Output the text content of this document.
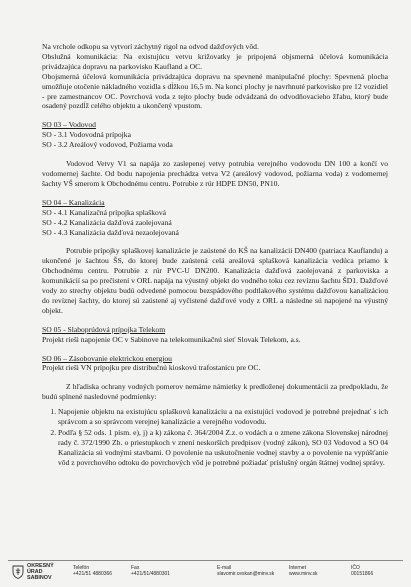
Na vrchole odkopu sa vytvorí záchytný rigol na odvod dažďových vôd.

Obslužná komunikácia: Na existujúcu vetvu križovatky je pripojená objsmerná účelová komunikácia privádzajúca dopravu na parkovisko Kaufland a OC.

Obojsmerná účelová komunikácia privádzajúca dopravu na spevnené manipulačné plochy: Spevnená plocha umožňuje otočenie nákladného vozidla s dĺžkou 16,5 m. Na konci plochy je navrhnuté parkovisko pre 12 vozidiel - pre zamestnancov OC. Povrchová voda z tejto plochy bude odvádzaná do odvodňovacieho žľabu, ktorý bude osadený pozdĺž celého objektu a ukončený vpustom.

SO 03 – Vodovod

SO - 3.1 Vodovodná prípojka

SO - 3.2 Areálový vodovod, Požiarna voda

Vodovod Vetvy V1 sa napája zo zaslepenej vetvy potrubia verejného vodovodu DN 100 a končí vo vodomernej šachte. Od bodu napojenia prechádza vetva V2 (areálový vodovod, požiarna voda) z vodomernej šachty VŠ smerom k Obchodnému centru. Potrubie z rúr HDPE DN50, PN10.

SO 04 – Kanalizácia

SO - 4.1 Kanalizačná prípojka splašková

SO - 4.2 Kanalizácia dažďová zaolejovaná

SO - 4.3 Kanalizácia dažďová nezaolejovaná

Potrubie prípojky splaškovej kanalizácie je zaústené do KŠ na kanalizácii DN400 (patriaca Kauflandu) a ukončené je šachtou ŠS, do ktorej bude zaústená celá areálová splašková kanalizácia vedúca priamo k Obchodnému centru. Potrubie z rúr PVC-U DN200. Kanalizácia dažďová zaolejovaná z parkoviska a komunikácií sa po prečistení v ORL napája na výustný objekt do vodného toku cez revíznu šachtu ŠD1. Dažďové vody zo strechy objektu budú odvedené pomocou bezspádového podtlakového systému dažďovou kanalizáciou do revíznej šachty, do ktorej sú zaústené aj vyčistené dažďové vody z ORL a následne sú napojené na výustný objekt.

SO 05 - Slaboprúdová prípojka Telekom

Projekt rieši napojenie OC v Sabinove na telekomunikačnú sieť Slovak Telekom, a.s.

SO 06 – Zásobovanie elektrickou energiou

Projekt rieši VN prípojku pre distribučnú kioskovú trafostanicu pre OC.

Z hľadiska ochrany vodných pomerov nemáme námietky k predloženej dokumentácii za predpokladu, že budú splnené nasledovné podmienky:

1. Napojenie objektu na existujúcu splaškovú kanalizáciu a na existujúci vodovod je potrebné prejednať s ich správcom a so správcom verejnej kanalizácie a verejného vodovodu.
2. Podľa § 52 ods. 1 písm. e), j) a k) zákona č. 364/2004 Z.z. o vodách a o zmene zákona Slovenskej národnej rady č. 372/1990 Zb. o priestupkoch v znení neskorších predpisov (vodný zákon), SO 03 Vodovod a SO 04 Kanalizácia sú vodnými stavbami. O povolenie na uskutočnenie vodnej stavby a o povolenie na vypúšťanie vôd z povrchového odtoku do povrchových vôd je potrebné požiadať príslušný orgán štátnej vodnej správy.
OKRESNÝ
ÚRAD
SABINOV
Telefón
+421/51 4880366
Fax
+421/51/4880301
E-mail
slavomir.ceskan@minv.sk
Internet
www.minv.sk
IČO
00151866
